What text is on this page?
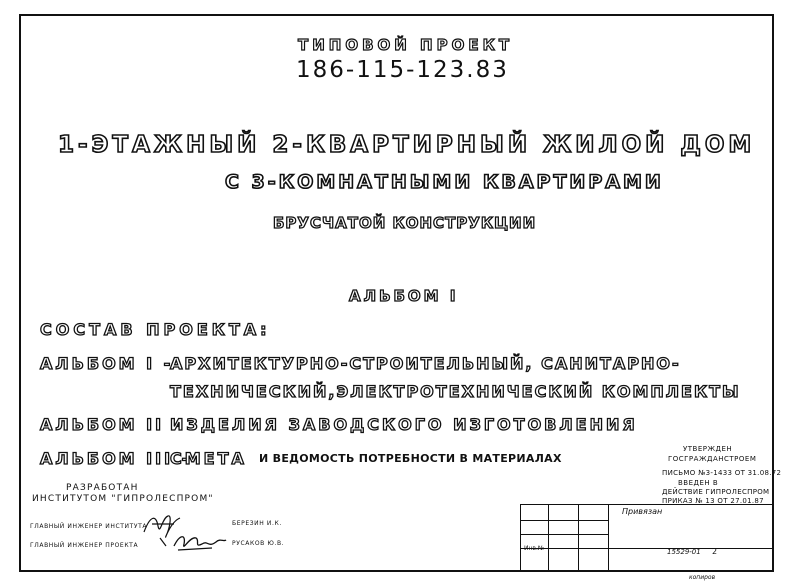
ТИПОВОЙ ПРОЕКТ
186-115-123.83
1-ЭТАЖНЫЙ 2-КВАРТИРНЫЙ ЖИЛОЙ ДОМ
С 3-КОМНАТНЫМИ КВАРТИРАМИ
БРУСЧАТОЙ КОНСТРУКЦИИ
АЛЬБОМ I
СОСТАВ ПРОЕКТА:
АЛЬБОМ I -
АРХИТЕКТУРНО-СТРОИТЕЛЬНЫЙ, САНИТАРНО-
ТЕХНИЧЕСКИЙ,ЭЛЕКТРОТЕХНИЧЕСКИЙ КОМПЛЕКТЫ
АЛЬБОМ II -
ИЗДЕЛИЯ ЗАВОДСКОГО ИЗГОТОВЛЕНИЯ
АЛЬБОМ III -
СМЕТА И ВЕДОМОСТЬ ПОТРЕБНОСТИ В МАТЕРИАЛАХ
УТВЕРЖДЕН
ГОСГРАЖДАНСТРОЕМ
ПИСЬМО №3-1433 ОТ 31.08.72
ВВЕДЕН В
ДЕЙСТВИЕ ГИПРОЛЕСПРОМ
ПРИКАЗ № 13 ОТ 27.01.87
РАЗРАБОТАН
ИНСТИТУТОМ "ГИПРОЛЕСПРОМ"
ГЛАВНЫЙ ИНЖЕНЕР ИНСТИТУТА	БЕРЕЗИН И.К.
ГЛАВНЫЙ ИНЖЕНЕР ПРОЕКТА	РУСАКОВ Ю.В.
Привязан
Инв.№	15529-01 2
копиров
